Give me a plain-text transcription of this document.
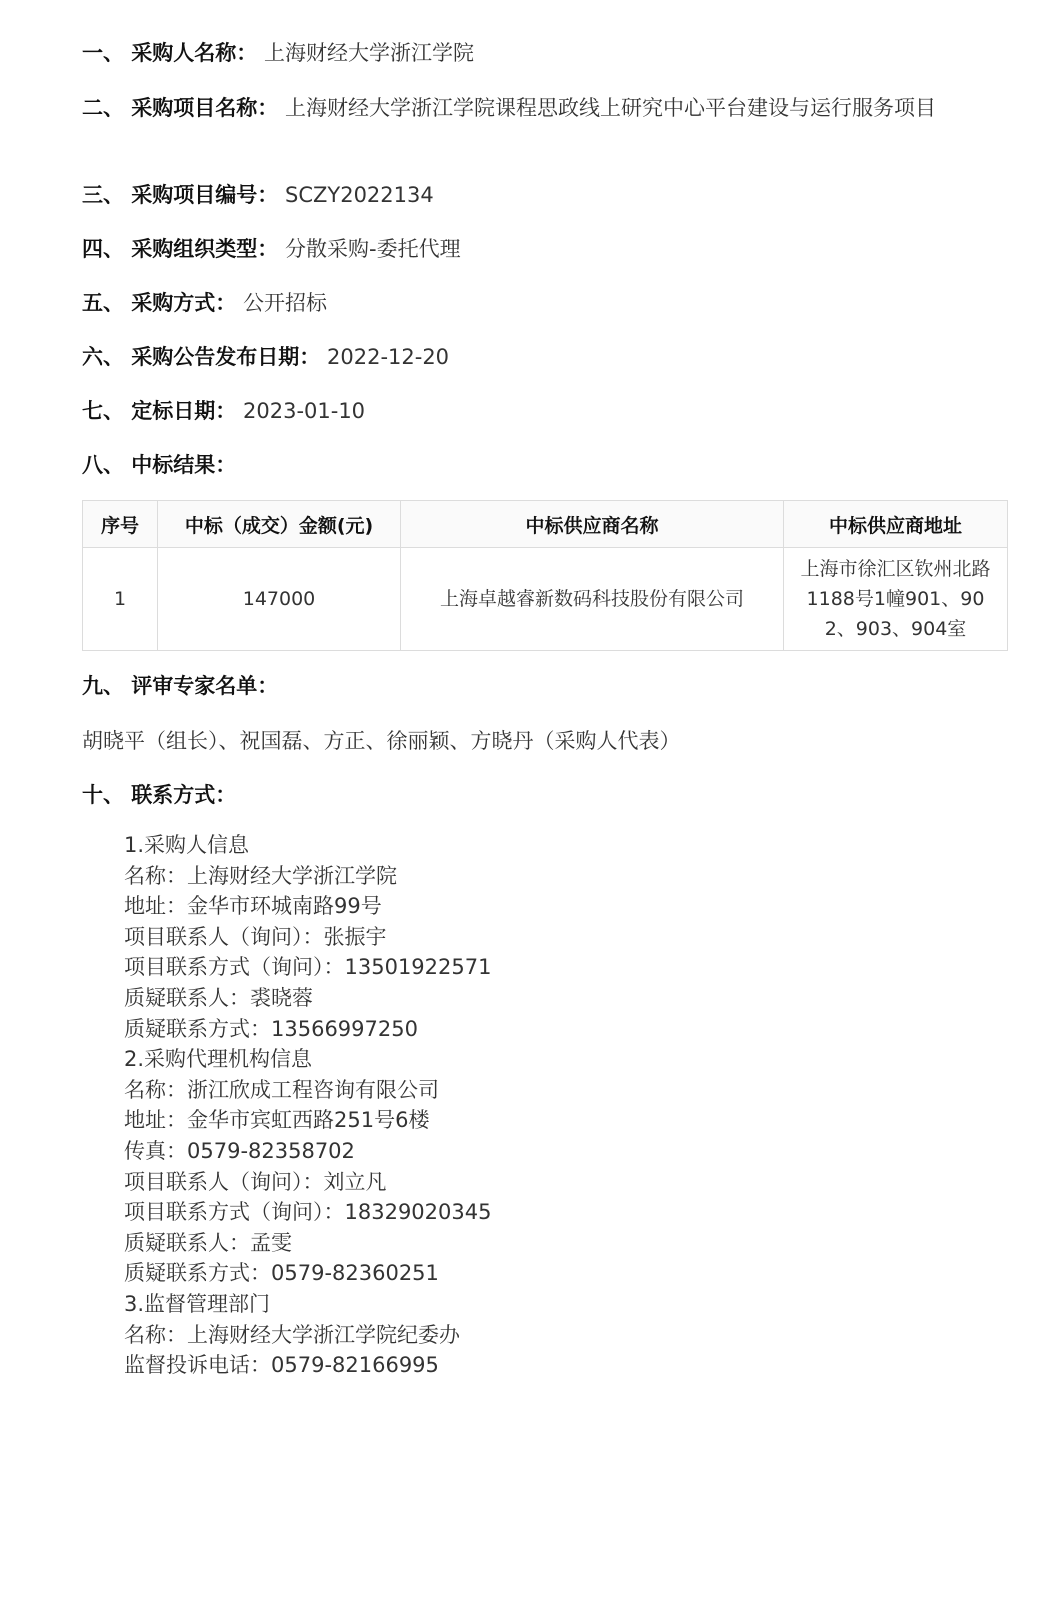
一、 采购人名称： 上海财经大学浙江学院
二、 采购项目名称： 上海财经大学浙江学院课程思政线上研究中心平台建设与运行服务项目
三、 采购项目编号： SCZY2022134
四、 采购组织类型： 分散采购-委托代理
五、 采购方式： 公开招标
六、 采购公告发布日期： 2022-12-20
七、 定标日期： 2023-01-10
八、 中标结果：
序号	中标（成交）金额(元)	中标供应商名称	中标供应商地址
1	147000	上海卓越睿新数码科技股份有限公司	上海市徐汇区钦州北路1188号1幢901、902、903、904室
九、 评审专家名单：
胡晓平（组长）、祝国磊、方正、徐丽颖、方晓丹（采购人代表）
十、 联系方式：
1.采购人信息
名称：上海财经大学浙江学院
地址：金华市环城南路99号
项目联系人（询问）：张振宇
项目联系方式（询问）：13501922571
质疑联系人：裘晓蓉
质疑联系方式：13566997250
2.采购代理机构信息
名称：浙江欣成工程咨询有限公司
地址：金华市宾虹西路251号6楼
传真：0579-82358702
项目联系人（询问）：刘立凡
项目联系方式（询问）：18329020345
质疑联系人：孟雯
质疑联系方式：0579-82360251
3.监督管理部门
名称：上海财经大学浙江学院纪委办
监督投诉电话：0579-82166995
